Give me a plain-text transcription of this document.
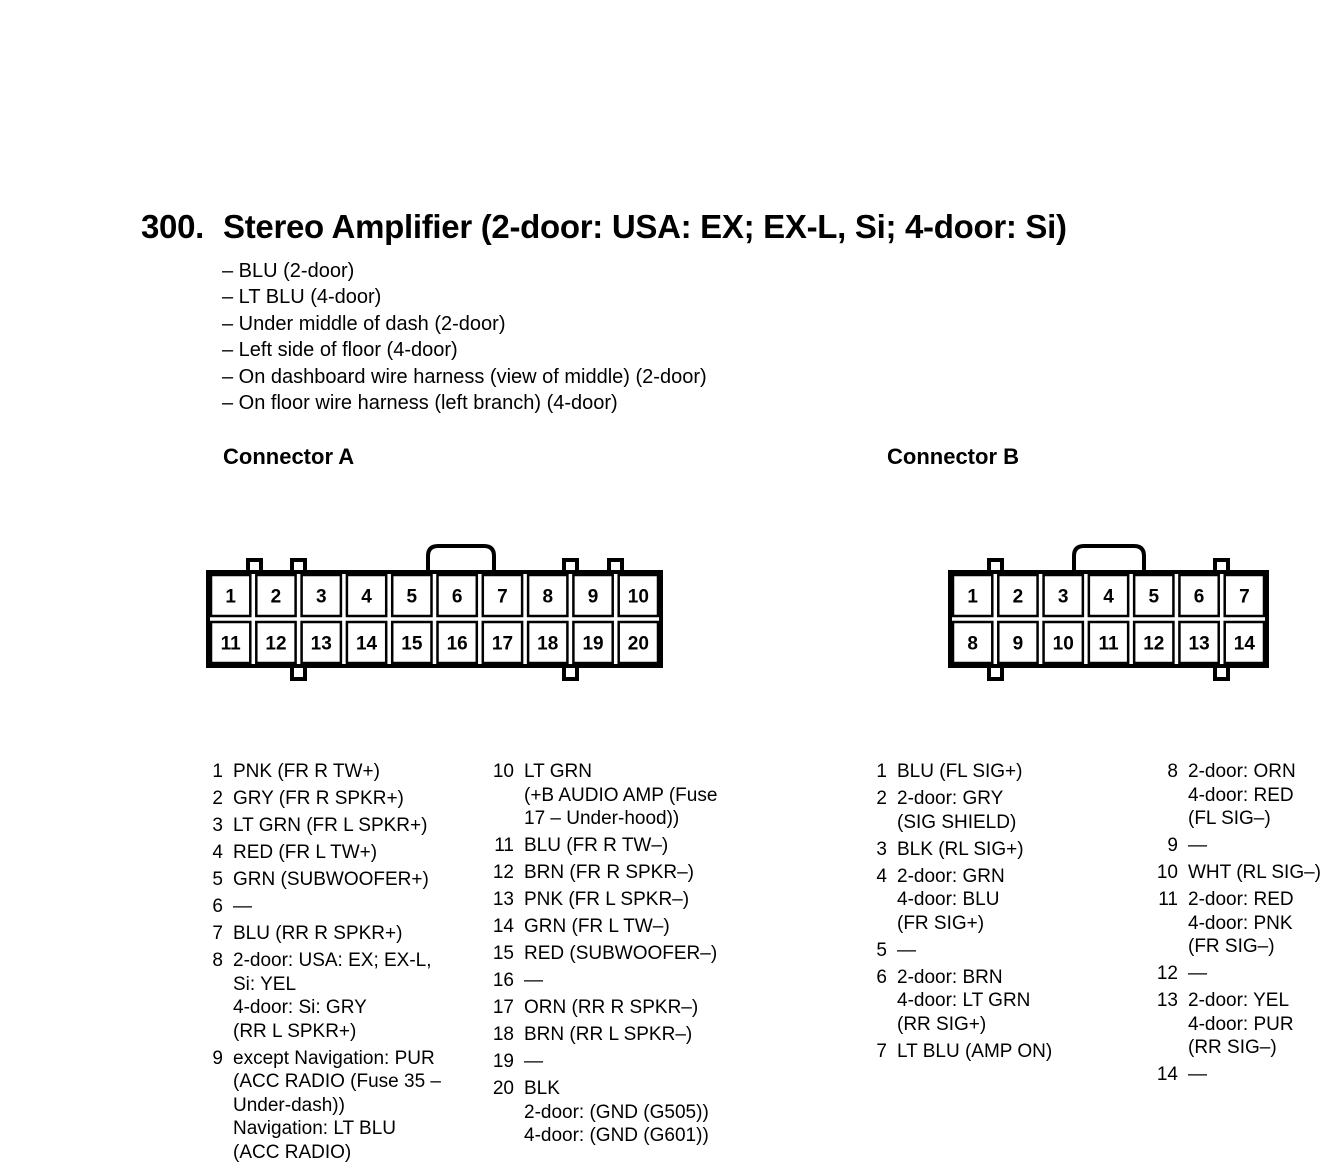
300. Stereo Amplifier (2-door: USA: EX; EX-L, Si; 4-door: Si)
– BLU (2-door)
– LT BLU (4-door)
– Under middle of dash (2-door)
– Left side of floor (4-door)
– On dashboard wire harness (view of middle) (2-door)
– On floor wire harness (left branch) (4-door)
Connector A	Connector B
1 2 3 4 5 6 7 8 9 10
11 12 13 14 15 16 17 18 19 20
1 2 3 4 5 6 7
8 9 10 11 12 13 14
1 PNK (FR R TW+)
2 GRY (FR R SPKR+)
3 LT GRN (FR L SPKR+)
4 RED (FR L TW+)
5 GRN (SUBWOOFER+)
6 —
7 BLU (RR R SPKR+)
8 2-door: USA: EX; EX-L,
Si: YEL
4-door: Si: GRY
(RR L SPKR+)
9 except Navigation: PUR
(ACC RADIO (Fuse 35 –
Under-dash))
Navigation: LT BLU
(ACC RADIO)
10 LT GRN
(+B AUDIO AMP (Fuse
17 – Under-hood))
11 BLU (FR R TW–)
12 BRN (FR R SPKR–)
13 PNK (FR L SPKR–)
14 GRN (FR L TW–)
15 RED (SUBWOOFER–)
16 —
17 ORN (RR R SPKR–)
18 BRN (RR L SPKR–)
19 —
20 BLK
2-door: (GND (G505))
4-door: (GND (G601))
1 BLU (FL SIG+)
2 2-door: GRY
(SIG SHIELD)
3 BLK (RL SIG+)
4 2-door: GRN
4-door: BLU
(FR SIG+)
5 —
6 2-door: BRN
4-door: LT GRN
(RR SIG+)
7 LT BLU (AMP ON)
8 2-door: ORN
4-door: RED
(FL SIG–)
9 —
10 WHT (RL SIG–)
11 2-door: RED
4-door: PNK
(FR SIG–)
12 —
13 2-door: YEL
4-door: PUR
(RR SIG–)
14 —
